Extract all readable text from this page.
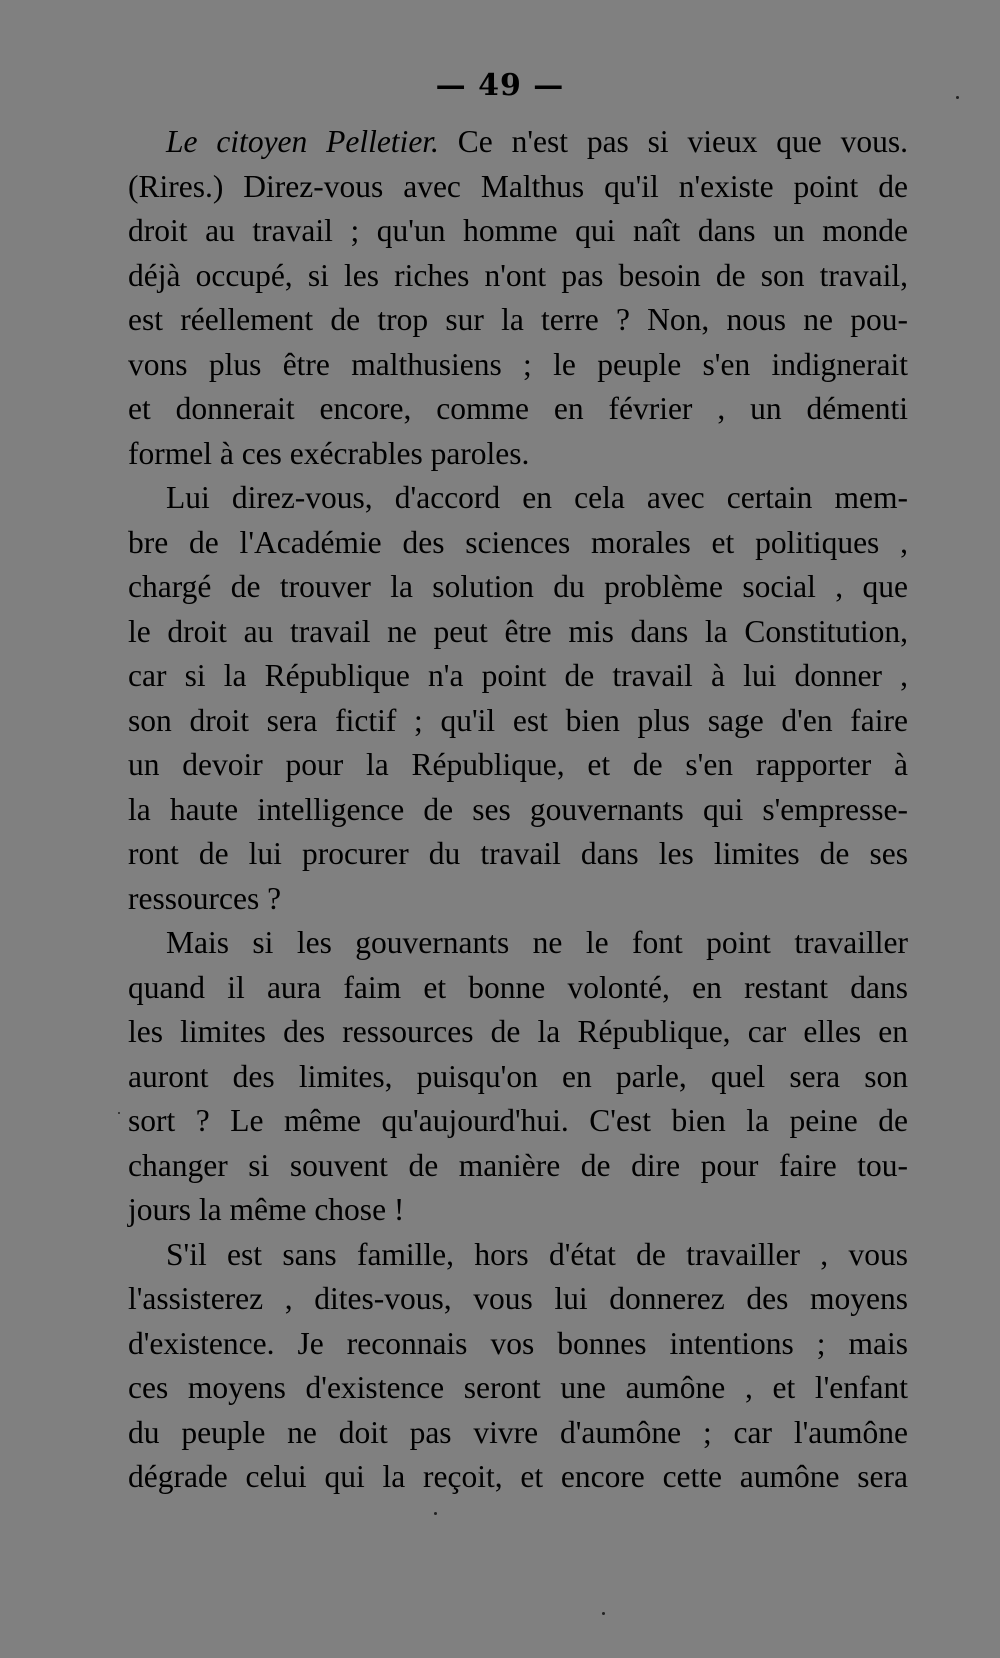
— 49 —
Le citoyen Pelletier. Ce n'est pas si vieux que vous.
(Rires.) Direz-vous avec Malthus qu'il n'existe point de
droit au travail ; qu'un homme qui naît dans un monde
déjà occupé, si les riches n'ont pas besoin de son travail,
est réellement de trop sur la terre ? Non, nous ne pou-
vons plus être malthusiens ; le peuple s'en indignerait
et donnerait encore, comme en février , un démenti
formel à ces exécrables paroles.
Lui direz-vous, d'accord en cela avec certain mem-
bre de l'Académie des sciences morales et politiques ,
chargé de trouver la solution du problème social , que
le droit au travail ne peut être mis dans la Constitution,
car si la République n'a point de travail à lui donner ,
son droit sera fictif ; qu'il est bien plus sage d'en faire
un devoir pour la République, et de s'en rapporter à
la haute intelligence de ses gouvernants qui s'empresse-
ront de lui procurer du travail dans les limites de ses
ressources ?
Mais si les gouvernants ne le font point travailler
quand il aura faim et bonne volonté, en restant dans
les limites des ressources de la République, car elles en
auront des limites, puisqu'on en parle, quel sera son
sort ? Le même qu'aujourd'hui. C'est bien la peine de
changer si souvent de manière de dire pour faire tou-
jours la même chose !
S'il est sans famille, hors d'état de travailler , vous
l'assisterez , dites-vous, vous lui donnerez des moyens
d'existence. Je reconnais vos bonnes intentions ; mais
ces moyens d'existence seront une aumône , et l'enfant
du peuple ne doit pas vivre d'aumône ; car l'aumône
dégrade celui qui la reçoit, et encore cette aumône sera
